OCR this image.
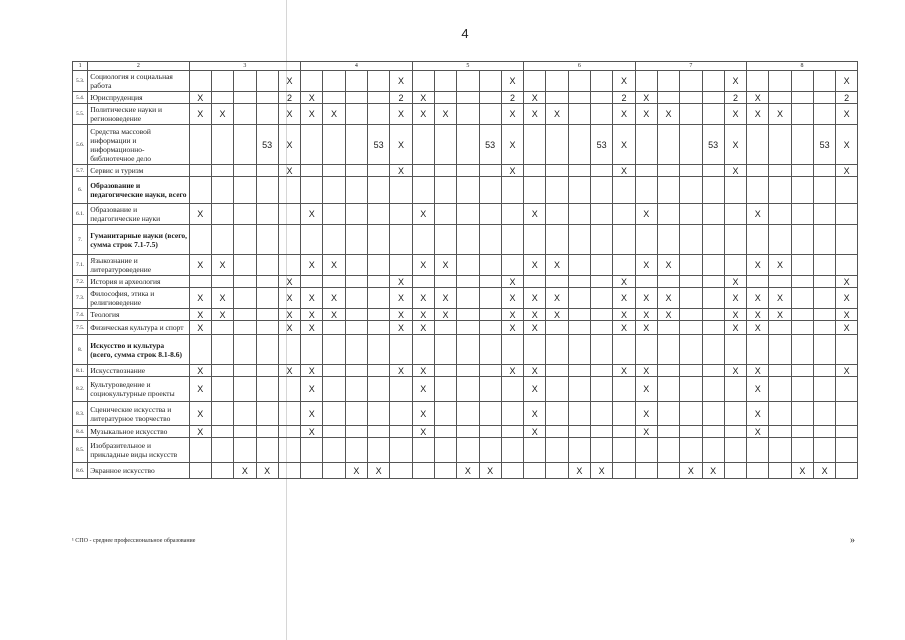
4
1	2	3					4					5					6					7					8				
5.3.	Социология и социальная работа					X					X					X					X					X					X
5.4.	Юриспруденция	X				2	X				2	X				2	X				2	X				2	X				2
5.5.	Политические науки и регионоведение	X	X			X	X	X			X	X	X			X	X	X			X	X	X			X	X	X			X
5.6.	Средства массовой информации и информационно-библиотечное дело				53	X				53	X				53	X				53	X				53	X				53	X
5.7.	Сервис и туризм					X					X					X					X					X					X
6.	Образование и педагогические науки, всего																														
6.1.	Образование и педагогические науки	X					X					X					X					X					X				
7.	Гуманитарные науки (всего, сумма строк 7.1-7.5)																														
7.1.	Языкознание и литературоведение	X	X				X	X				X	X				X	X				X	X				X	X			
7.2.	История и археология					X					X					X					X					X					X
7.3.	Философия, этика и религиоведение	X	X			X	X	X			X	X	X			X	X	X			X	X	X			X	X	X			X
7.4.	Теология	X	X			X	X	X			X	X	X			X	X	X			X	X	X			X	X	X			X
7.5.	Физическая культура и спорт	X				X	X				X	X				X	X				X	X				X	X				X
8.	Искусство и культура (всего, сумма строк 8.1-8.6)																														
8.1.	Искусствознание	X				X	X				X	X				X	X				X	X				X	X				X
8.2.	Культуроведение и социокультурные проекты	X					X					X					X					X					X				
8.3.	Сценические искусства и литературное творчество	X					X					X					X					X					X				
8.4.	Музыкальное искусство	X					X					X					X					X					X				
8.5.	Изобразительное и прикладные виды искусств																														
8.6.	Экранное искусство			X	X				X	X				X	X				X	X				X	X				X	X	
¹ СПО - среднее профессиональное образование	»
